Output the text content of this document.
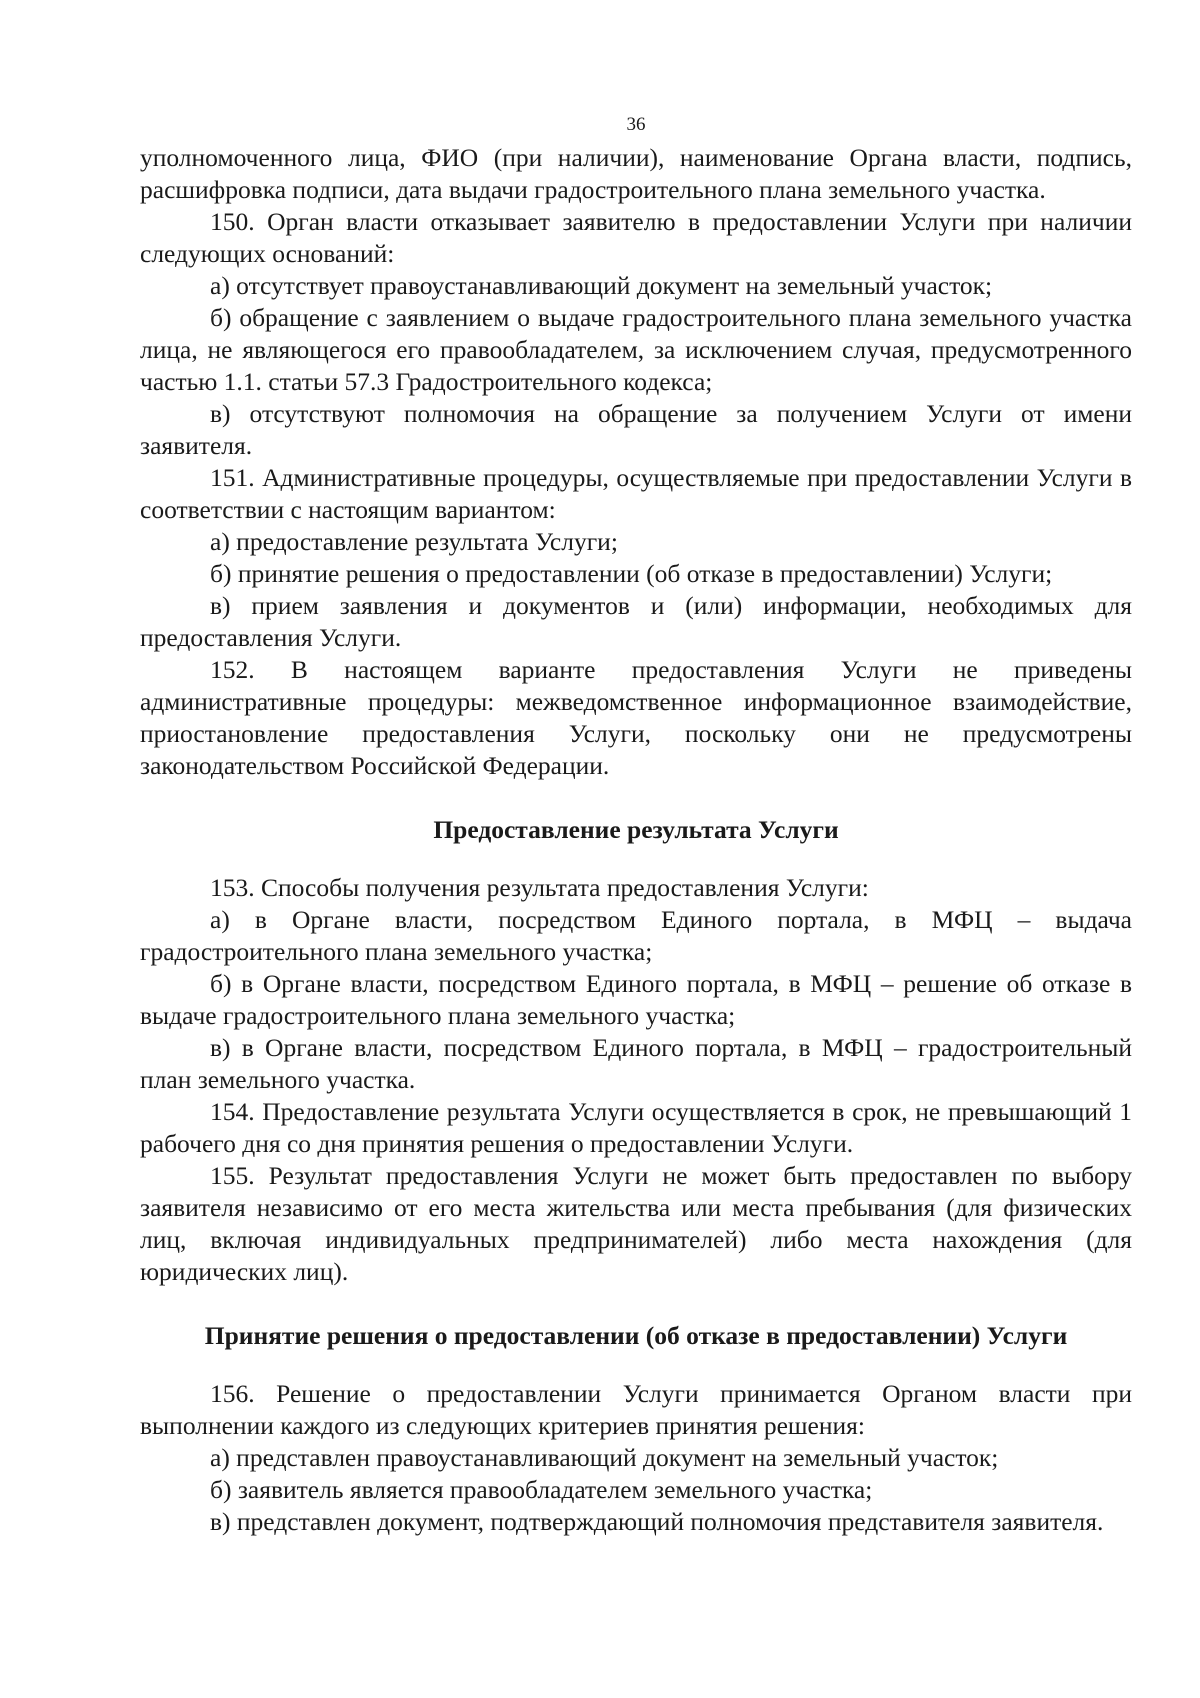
36

уполномоченного лица, ФИО (при наличии), наименование Органа власти, подпись, расшифровка подписи, дата выдачи градостроительного плана земельного участка.

150. Орган власти отказывает заявителю в предоставлении Услуги при наличии следующих оснований:

а) отсутствует правоустанавливающий документ на земельный участок;

б) обращение с заявлением о выдаче градостроительного плана земельного участка лица, не являющегося его правообладателем, за исключением случая, предусмотренного частью 1.1. статьи 57.3 Градостроительного кодекса;

в) отсутствуют полномочия на обращение за получением Услуги от имени заявителя.

151. Административные процедуры, осуществляемые при предоставлении Услуги в соответствии с настоящим вариантом:

а) предоставление результата Услуги;

б) принятие решения о предоставлении (об отказе в предоставлении) Услуги;

в) прием заявления и документов и (или) информации, необходимых для предоставления Услуги.

152. В настоящем варианте предоставления Услуги не приведены административные процедуры: межведомственное информационное взаимодействие, приостановление предоставления Услуги, поскольку они не предусмотрены законодательством Российской Федерации.

Предоставление результата Услуги

153. Способы получения результата предоставления Услуги:

а) в Органе власти, посредством Единого портала, в МФЦ – выдача градостроительного плана земельного участка;

б) в Органе власти, посредством Единого портала, в МФЦ – решение об отказе в выдаче градостроительного плана земельного участка;

в) в Органе власти, посредством Единого портала, в МФЦ – градостроительный план земельного участка.

154. Предоставление результата Услуги осуществляется в срок, не превышающий 1 рабочего дня со дня принятия решения о предоставлении Услуги.

155. Результат предоставления Услуги не может быть предоставлен по выбору заявителя независимо от его места жительства или места пребывания (для физических лиц, включая индивидуальных предпринимателей) либо места нахождения (для юридических лиц).

Принятие решения о предоставлении (об отказе в предоставлении) Услуги

156. Решение о предоставлении Услуги принимается Органом власти при выполнении каждого из следующих критериев принятия решения:

а) представлен правоустанавливающий документ на земельный участок;

б) заявитель является правообладателем земельного участка;

в) представлен документ, подтверждающий полномочия представителя заявителя.
